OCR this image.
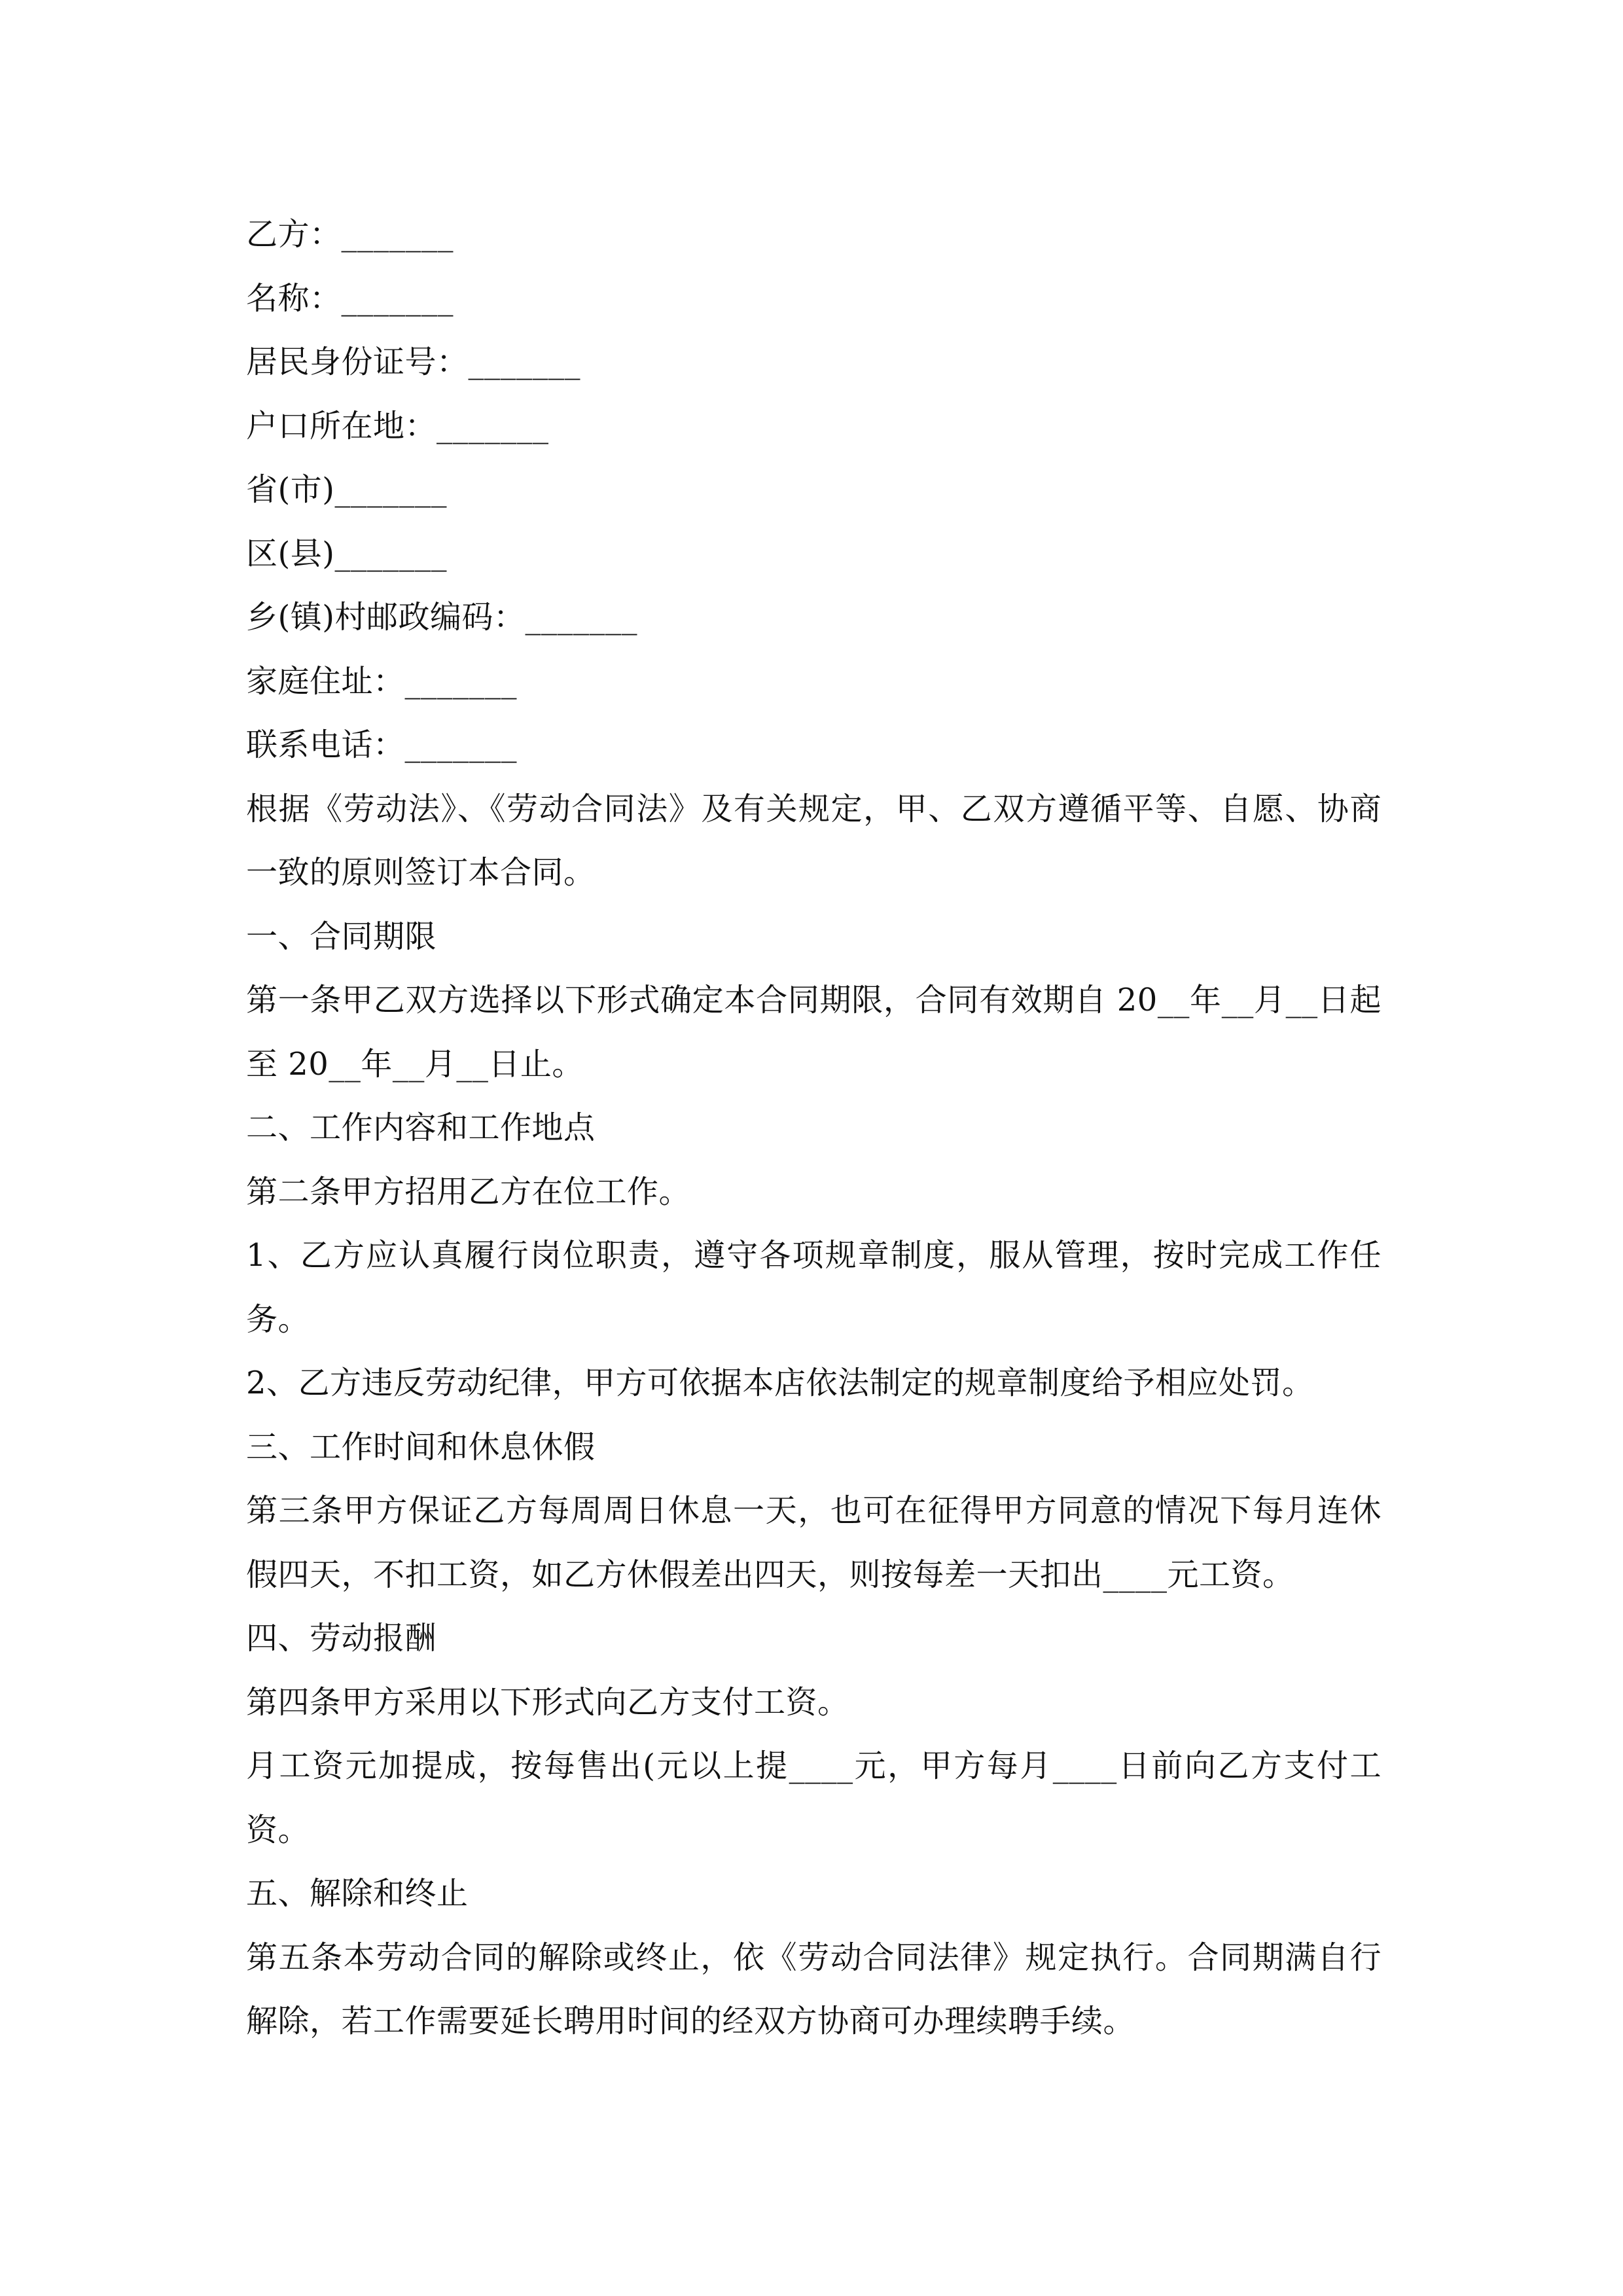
乙方：_______
名称：_______
居民身份证号：_______
户口所在地：_______
省(市)_______
区(县)_______
乡(镇)村邮政编码：_______
家庭住址：_______
联系电话：_______
根据《劳动法》、《劳动合同法》及有关规定，甲、乙双方遵循平等、自愿、协商一致的原则签订本合同。
一、合同期限
第一条甲乙双方选择以下形式确定本合同期限，合同有效期自 20__年__月__日起至 20__年__月__日止。
二、工作内容和工作地点
第二条甲方招用乙方在位工作。
1、乙方应认真履行岗位职责，遵守各项规章制度，服从管理，按时完成工作任务。
2、乙方违反劳动纪律，甲方可依据本店依法制定的规章制度给予相应处罚。
三、工作时间和休息休假
第三条甲方保证乙方每周周日休息一天，也可在征得甲方同意的情况下每月连休假四天，不扣工资，如乙方休假差出四天，则按每差一天扣出____元工资。
四、劳动报酬
第四条甲方采用以下形式向乙方支付工资。
月工资元加提成，按每售出(元以上提____元，甲方每月____日前向乙方支付工资。
五、解除和终止
第五条本劳动合同的解除或终止，依《劳动合同法律》规定执行。合同期满自行解除，若工作需要延长聘用时间的经双方协商可办理续聘手续。
